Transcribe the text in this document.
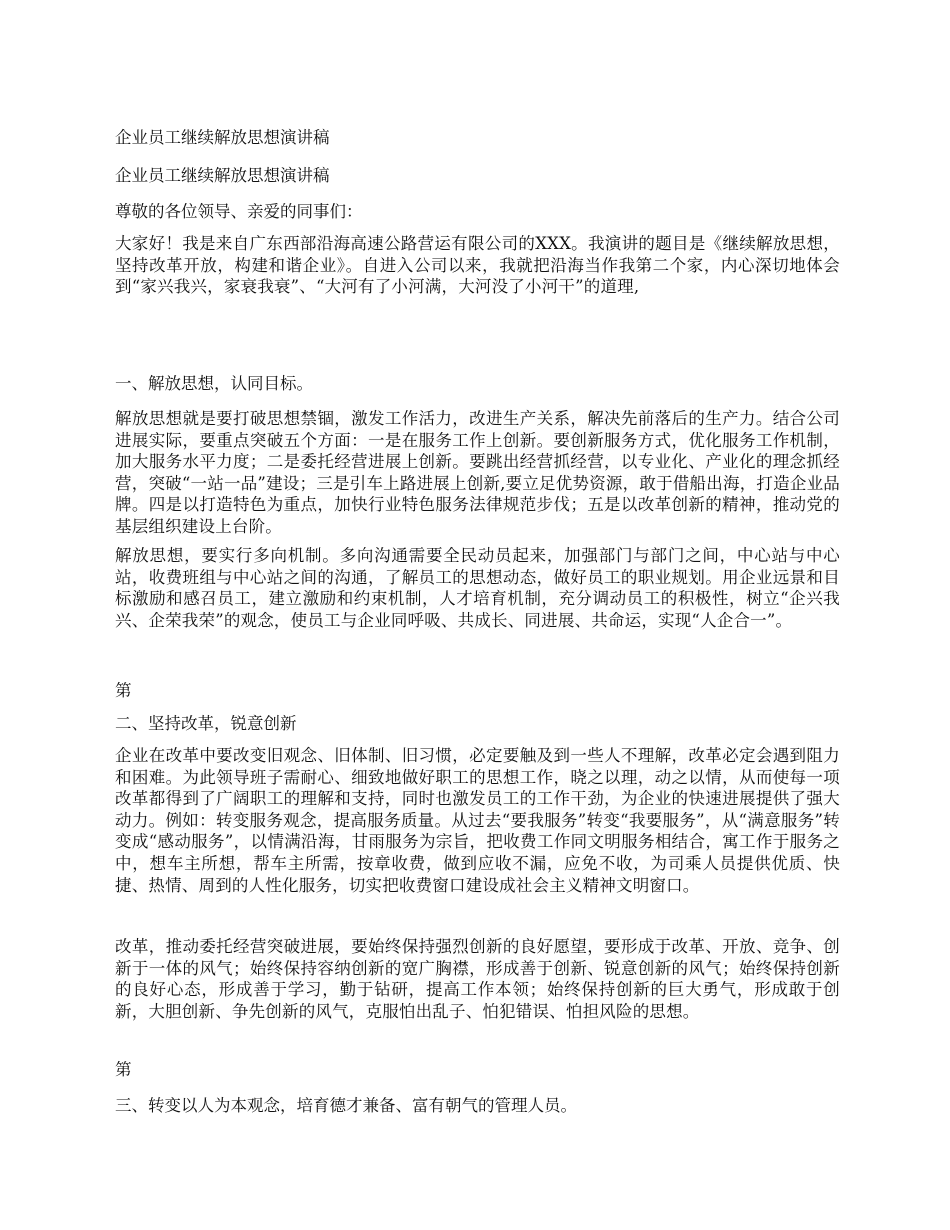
企业员工继续解放思想演讲稿

企业员工继续解放思想演讲稿

尊敬的各位领导、亲爱的同事们：

大家好！我是来自广东西部沿海高速公路营运有限公司的XXX。我演讲的题目是《继续解放思想，坚持改革开放，构建和谐企业》。自进入公司以来，我就把沿海当作我第二个家，内心深切地体会到“家兴我兴，家衰我衰”、“大河有了小河满，大河没了小河干”的道理,

一、解放思想，认同目标。

解放思想就是要打破思想禁锢，激发工作活力，改进生产关系，解决先前落后的生产力。结合公司进展实际，要重点突破五个方面：一是在服务工作上创新。要创新服务方式，优化服务工作机制，加大服务水平力度；二是委托经营进展上创新。要跳出经营抓经营，以专业化、产业化的理念抓经营，突破“一站一品”建设；三是引车上路进展上创新,要立足优势资源，敢于借船出海，打造企业品牌。四是以打造特色为重点，加快行业特色服务法律规范步伐；五是以改革创新的精神，推动党的基层组织建设上台阶。

解放思想，要实行多向机制。多向沟通需要全民动员起来，加强部门与部门之间，中心站与中心站，收费班组与中心站之间的沟通，了解员工的思想动态，做好员工的职业规划。用企业远景和目标激励和感召员工，建立激励和约束机制，人才培育机制，充分调动员工的积极性，树立“企兴我兴、企荣我荣”的观念，使员工与企业同呼吸、共成长、同进展、共命运，实现“人企合一”。

第

二、坚持改革，锐意创新

企业在改革中要改变旧观念、旧体制、旧习惯，必定要触及到一些人不理解，改革必定会遇到阻力和困难。为此领导班子需耐心、细致地做好职工的思想工作，晓之以理，动之以情，从而使每一项改革都得到了广阔职工的理解和支持，同时也激发员工的工作干劲，为企业的快速进展提供了强大动力。例如：转变服务观念，提高服务质量。从过去“要我服务”转变“我要服务”，从“满意服务”转变成“感动服务”，以情满沿海，甘雨服务为宗旨，把收费工作同文明服务相结合，寓工作于服务之中，想车主所想，帮车主所需，按章收费，做到应收不漏，应免不收，为司乘人员提供优质、快捷、热情、周到的人性化服务，切实把收费窗口建设成社会主义精神文明窗口。

改革，推动委托经营突破进展，要始终保持强烈创新的良好愿望，要形成于改革、开放、竞争、创新于一体的风气；始终保持容纳创新的宽广胸襟，形成善于创新、锐意创新的风气；始终保持创新的良好心态，形成善于学习，勤于钻研，提高工作本领；始终保持创新的巨大勇气，形成敢于创新，大胆创新、争先创新的风气，克服怕出乱子、怕犯错误、怕担风险的思想。

第

三、转变以人为本观念，培育德才兼备、富有朝气的管理人员。
